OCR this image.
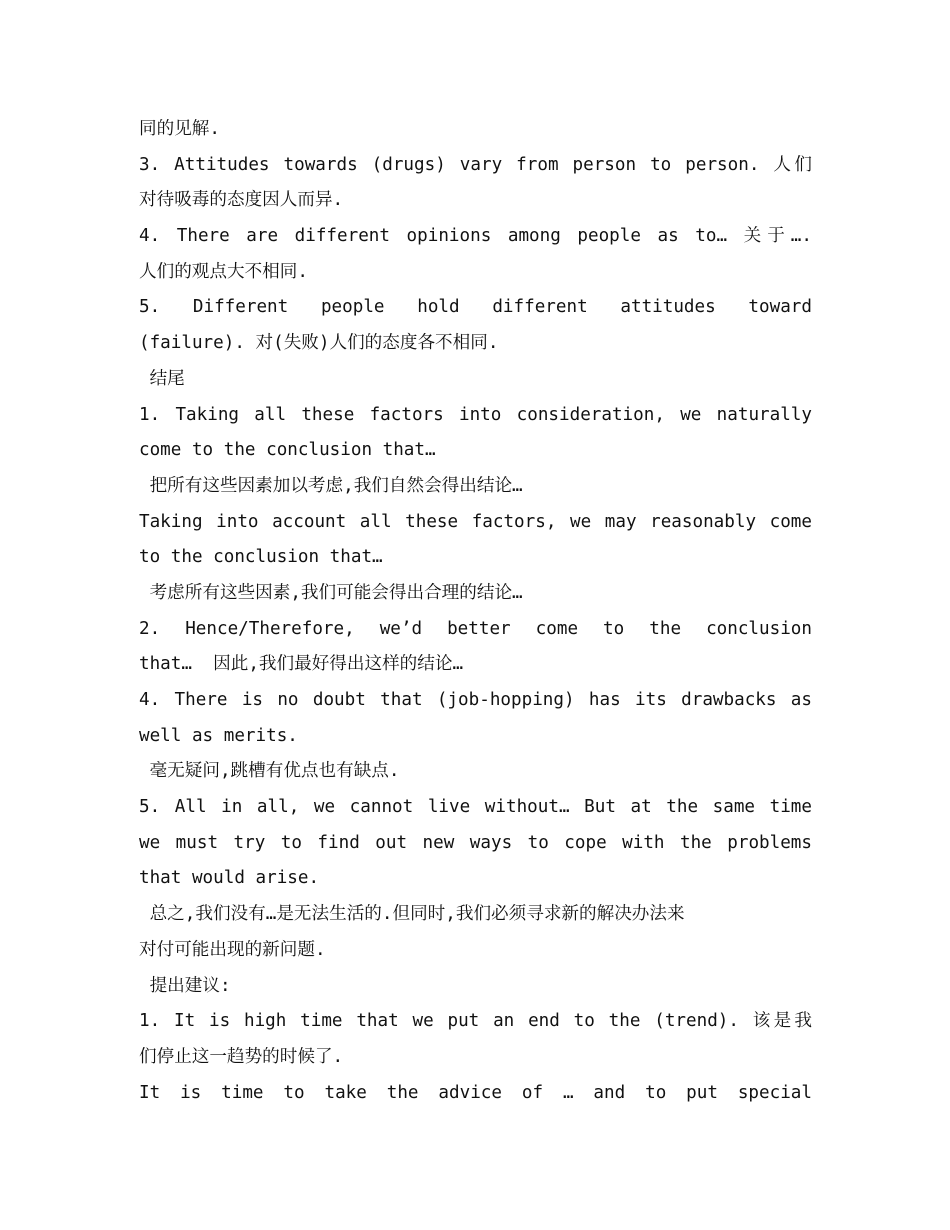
同的见解.
3. Attitudes towards (drugs) vary from person to person. 人们
对待吸毒的态度因人而异.
4. There are different opinions among people as to… 关于….
人们的观点大不相同.
5. Different people hold different attitudes toward
(failure). 对(失败)人们的态度各不相同.
结尾
1. Taking all these factors into consideration, we naturally
come to the conclusion that…
把所有这些因素加以考虑,我们自然会得出结论…
Taking into account all these factors, we may reasonably come
to the conclusion that…
考虑所有这些因素,我们可能会得出合理的结论…
2. Hence/Therefore, we’d better come to the conclusion
that…  因此,我们最好得出这样的结论…
4. There is no doubt that (job-hopping) has its drawbacks as
well as merits.
毫无疑问,跳槽有优点也有缺点.
5. All in all, we cannot live without… But at the same time
we must try to find out new ways to cope with the problems
that would arise.
总之,我们没有…是无法生活的.但同时,我们必须寻求新的解决办法来
对付可能出现的新问题.
提出建议:
1. It is high time that we put an end to the (trend). 该是我
们停止这一趋势的时候了.
It is time to take the advice of … and to put special
